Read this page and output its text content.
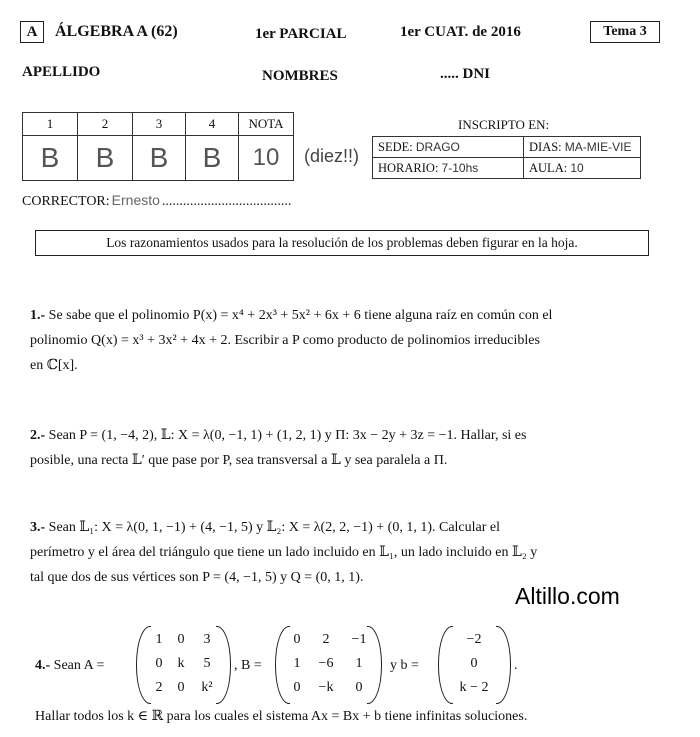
A	ÁLGEBRA A (62)	1er PARCIAL	1er CUAT. de 2016	Tema 3
APELLIDO	NOMBRES	..... DNI
1	2	3	4	NOTA
B	B	B	B	10 (diez!!)
INSCRIPTO EN:
SEDE: DRAGO	DIAS: MA-MIE-VIE
HORARIO: 7-10hs	AULA: 10
CORRECTOR: Ernesto .....................................
Los razonamientos usados para la resolución de los problemas deben figurar en la hoja.
1.- Se sabe que el polinomio P(x) = x⁴ + 2x³ + 5x² + 6x + 6 tiene alguna raíz en común con el
polinomio Q(x) = x³ + 3x² + 4x + 2. Escribir a P como producto de polinomios irreducibles
en ℂ[x].
2.- Sean P = (1, −4, 2), 𝕃: X = λ(0, −1, 1) + (1, 2, 1) y Π: 3x − 2y + 3z = −1. Hallar, si es
posible, una recta 𝕃′ que pase por P, sea transversal a 𝕃 y sea paralela a Π.
3.- Sean 𝕃₁: X = λ(0, 1, −1) + (4, −1, 5) y 𝕃₂: X = λ(2, 2, −1) + (0, 1, 1). Calcular el
perímetro y el área del triángulo que tiene un lado incluido en 𝕃₁, un lado incluido en 𝕃₂ y
tal que dos de sus vértices son P = (4, −1, 5) y Q = (0, 1, 1).
Altillo.com
4.- Sean A =
1	0	3
0	k	5
2	0	k²
, B =
0	2	−1
1	−6	1
0	−k	0
y b =
−2
0
k − 2
.
Hallar todos los k ∈ ℝ para los cuales el sistema Ax = Bx + b tiene infinitas soluciones.
